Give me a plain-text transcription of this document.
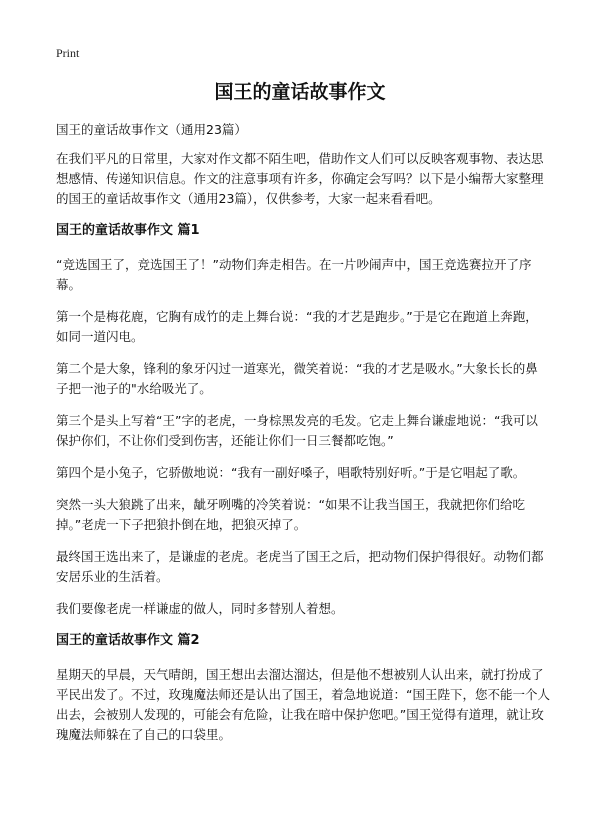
Print
国王的童话故事作文

国王的童话故事作文（通用23篇）

在我们平凡的日常里，大家对作文都不陌生吧，借助作文人们可以反映客观事物、表达思想感情、传递知识信息。作文的注意事项有许多，你确定会写吗？以下是小编帮大家整理的国王的童话故事作文（通用23篇），仅供参考，大家一起来看看吧。

国王的童话故事作文 篇1

“竞选国王了，竞选国王了！”动物们奔走相告。在一片吵闹声中，国王竞选赛拉开了序幕。

第一个是梅花鹿，它胸有成竹的走上舞台说：“我的才艺是跑步。”于是它在跑道上奔跑，如同一道闪电。

第二个是大象，锋利的象牙闪过一道寒光，微笑着说：“我的才艺是吸水。”大象长长的鼻子把一池子的"水给吸光了。

第三个是头上写着“王”字的老虎，一身棕黑发亮的毛发。它走上舞台谦虚地说：“我可以保护你们，不让你们受到伤害，还能让你们一日三餐都吃饱。”

第四个是小兔子，它骄傲地说：“我有一副好嗓子，唱歌特别好听。”于是它唱起了歌。

突然一头大狼跳了出来，龇牙咧嘴的冷笑着说：“如果不让我当国王，我就把你们给吃掉。”老虎一下子把狼扑倒在地，把狼灭掉了。

最终国王选出来了，是谦虚的老虎。老虎当了国王之后，把动物们保护得很好。动物们都安居乐业的生活着。

我们要像老虎一样谦虚的做人，同时多替别人着想。

国王的童话故事作文 篇2

星期天的早晨，天气晴朗，国王想出去溜达溜达，但是他不想被别人认出来，就打扮成了平民出发了。不过，玫瑰魔法师还是认出了国王，着急地说道：“国王陛下，您不能一个人出去，会被别人发现的，可能会有危险，让我在暗中保护您吧。”国王觉得有道理，就让玫瑰魔法师躲在了自己的口袋里。
